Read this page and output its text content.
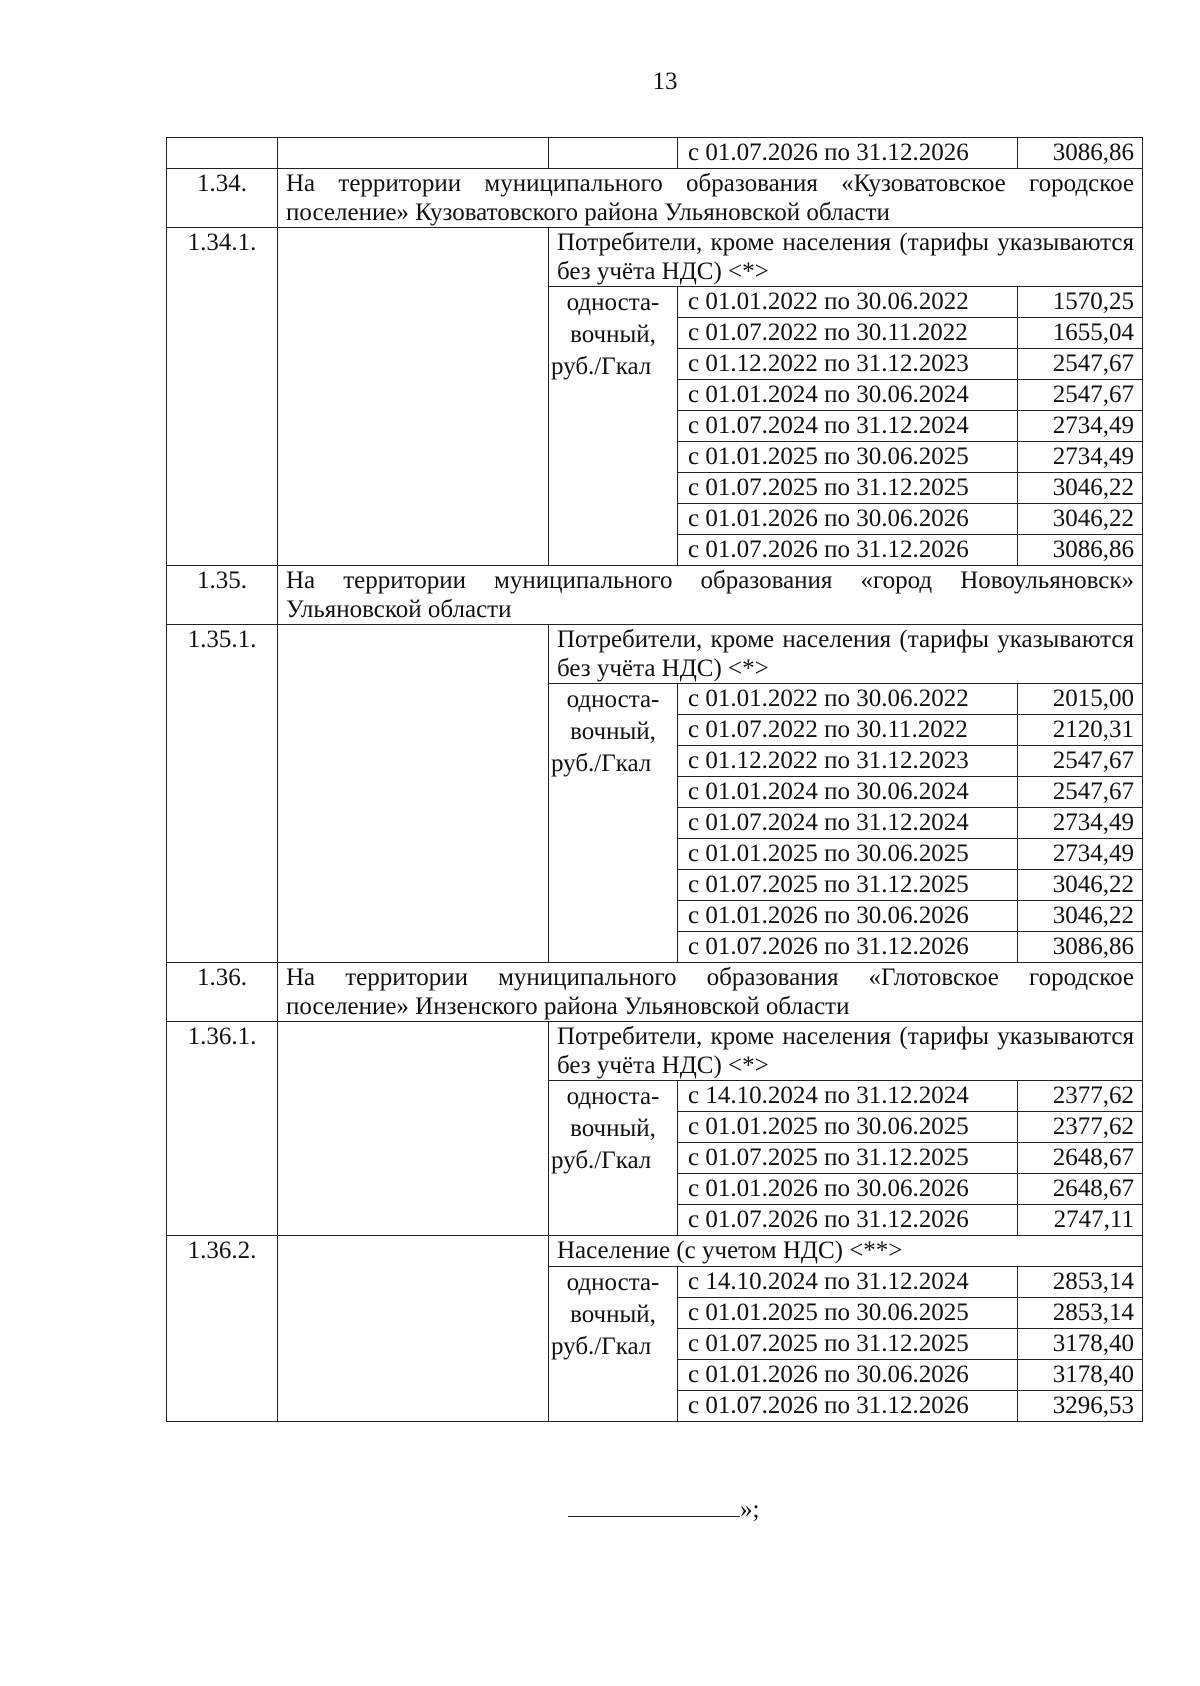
13
			с 01.07.2026 по 31.12.2026	3086,86
1.34.	На территории муниципального образования «Кузоватовское городское поселение» Кузоватовского района Ульяновской области			
1.34.1.		Потребители, кроме населения (тарифы указываются без учёта НДС) <*>		
		односта-вочный, руб./Гкал	с 01.01.2022 по 30.06.2022	1570,25
			с 01.07.2022 по 30.11.2022	1655,04
			с 01.12.2022 по 31.12.2023	2547,67
			с 01.01.2024 по 30.06.2024	2547,67
			с 01.07.2024 по 31.12.2024	2734,49
			с 01.01.2025 по 30.06.2025	2734,49
			с 01.07.2025 по 31.12.2025	3046,22
			с 01.01.2026 по 30.06.2026	3046,22
			с 01.07.2026 по 31.12.2026	3086,86
1.35.	На территории муниципального образования «город Новоульяновск» Ульяновской области			
1.35.1.		Потребители, кроме населения (тарифы указываются без учёта НДС) <*>		
		односта-вочный, руб./Гкал	с 01.01.2022 по 30.06.2022	2015,00
			с 01.07.2022 по 30.11.2022	2120,31
			с 01.12.2022 по 31.12.2023	2547,67
			с 01.01.2024 по 30.06.2024	2547,67
			с 01.07.2024 по 31.12.2024	2734,49
			с 01.01.2025 по 30.06.2025	2734,49
			с 01.07.2025 по 31.12.2025	3046,22
			с 01.01.2026 по 30.06.2026	3046,22
			с 01.07.2026 по 31.12.2026	3086,86
1.36.	На территории муниципального образования «Глотовское городское поселение» Инзенского района Ульяновской области			
1.36.1.		Потребители, кроме населения (тарифы указываются без учёта НДС) <*>		
		односта-вочный, руб./Гкал	с 14.10.2024 по 31.12.2024	2377,62
			с 01.01.2025 по 30.06.2025	2377,62
			с 01.07.2025 по 31.12.2025	2648,67
			с 01.01.2026 по 30.06.2026	2648,67
			с 01.07.2026 по 31.12.2026	2747,11
1.36.2.		Население (с учетом НДС) <**>		
		односта-вочный, руб./Гкал	с 14.10.2024 по 31.12.2024	2853,14
			с 01.01.2025 по 30.06.2025	2853,14
			с 01.07.2025 по 31.12.2025	3178,40
			с 01.01.2026 по 30.06.2026	3178,40
			с 01.07.2026 по 31.12.2026	3296,53
»;
